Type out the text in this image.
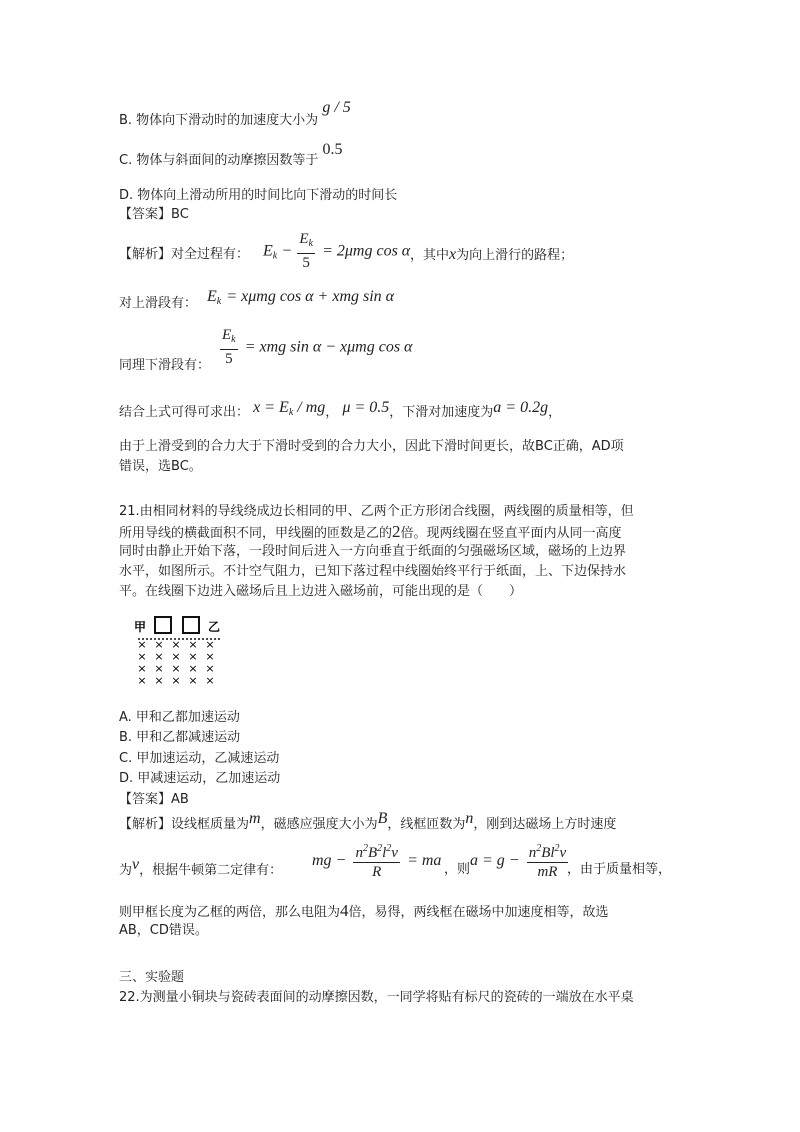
B. 物体向下滑动时的加速度大小为 g / 5
C. 物体与斜面间的动摩擦因数等于 0.5
D. 物体向上滑动所用的时间比向下滑动的时间长
【答案】BC
【解析】对全过程有： $E_k - \frac{E_k}{5} = 2\mu mg$ cos α ，其中x为向上滑行的路程；
对上滑段有： $E_k = x\mu mg$ cos α + xmg sin α
同理下滑段有： $\frac{E_k}{5}$ = xmg sin α − xμmg cos α
结合上式可得可求出： $x = E_k$ / mg， μ = 0.5，下滑对加速度为a = 0.2g，
由于上滑受到的合力大于下滑时受到的合力大小，因此下滑时间更长，故BC正确，AD项
错误，选BC。
21.由相同材料的导线绕成边长相同的甲、乙两个正方形闭合线圈，两线圈的质量相等，但
所用导线的横截面积不同，甲线圈的匝数是乙的2倍。现两线圈在竖直平面内从同一高度
同时由静止开始下落，一段时间后进入一方向垂直于纸面的匀强磁场区域，磁场的上边界
水平，如图所示。不计空气阻力，已知下落过程中线圈始终平行于纸面，上、下边保持水
平。在线圈下边进入磁场后且上边进入磁场前，可能出现的是（　　）
甲	乙
× × × × ×
× × × × ×
× × × × ×
× × × × ×
A. 甲和乙都加速运动
B. 甲和乙都减速运动
C. 甲加速运动，乙减速运动
D. 甲减速运动，乙加速运动
【答案】AB
【解析】设线框质量为m，磁感应强度大小为B，线框匝数为n，刚到达磁场上方时速度
为v，根据牛顿第二定律有：
mg − $\frac{n^2B^2l^2v}{R}$ = ma
，则
$a = g - \frac{n^2Bl^2v}{mR}$
，由于质量相等，
则甲框长度为乙框的两倍，那么电阻为4倍，易得，两线框在磁场中加速度相等，故选
AB，CD错误。
三、实验题
22.为测量小铜块与瓷砖表面间的动摩擦因数，一同学将贴有标尺的瓷砖的一端放在水平桌
